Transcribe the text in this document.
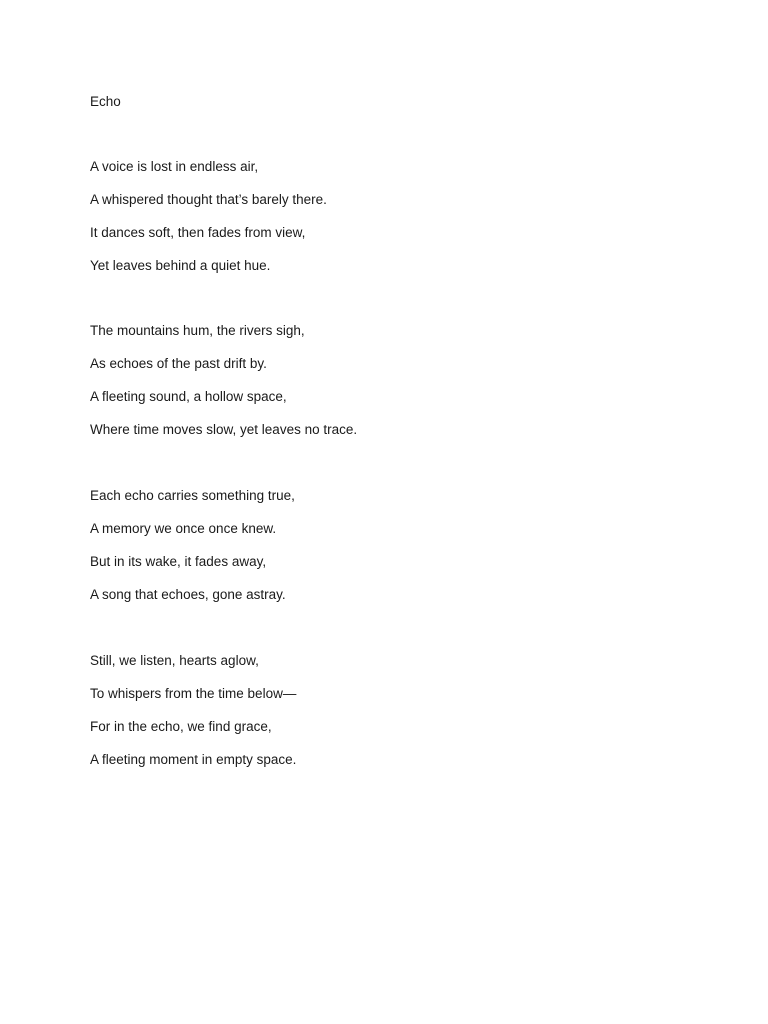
Echo
A voice is lost in endless air,
A whispered thought that’s barely there.
It dances soft, then fades from view,
Yet leaves behind a quiet hue.
The mountains hum, the rivers sigh,
As echoes of the past drift by.
A fleeting sound, a hollow space,
Where time moves slow, yet leaves no trace.
Each echo carries something true,
A memory we once once knew.
But in its wake, it fades away,
A song that echoes, gone astray.
Still, we listen, hearts aglow,
To whispers from the time below—
For in the echo, we find grace,
A fleeting moment in empty space.
